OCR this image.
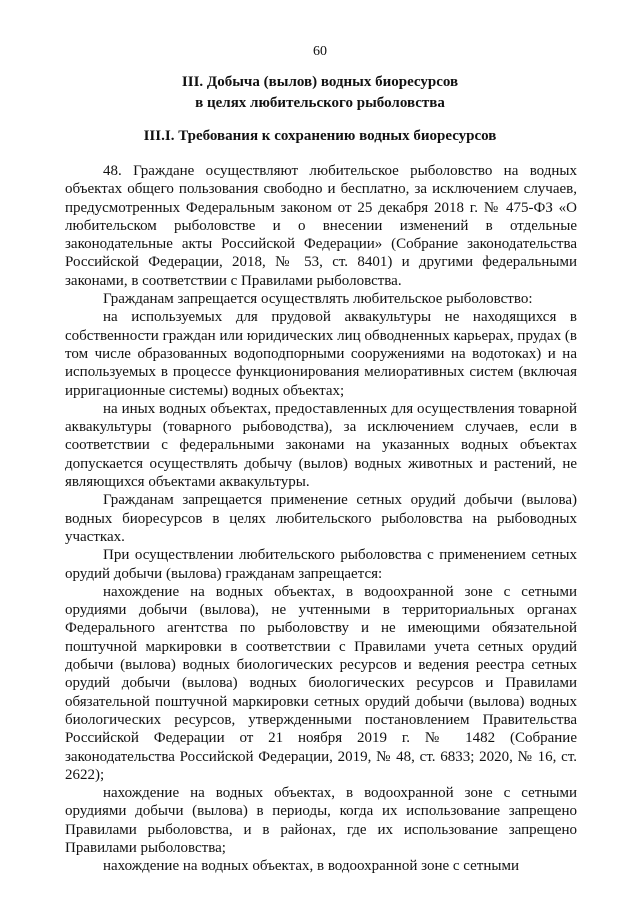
60
III. Добыча (вылов) водных биоресурсов
в целях любительского рыболовства
III.I. Требования к сохранению водных биоресурсов

48. Граждане осуществляют любительское рыболовство на водных объектах общего пользования свободно и бесплатно, за исключением случаев, предусмотренных Федеральным законом от 25 декабря 2018 г. № 475-ФЗ «О любительском рыболовстве и о внесении изменений в отдельные законодательные акты Российской Федерации» (Собрание законодательства Российской Федерации, 2018, № 53, ст. 8401) и другими федеральными законами, в соответствии с Правилами рыболовства.

Гражданам запрещается осуществлять любительское рыболовство:

на используемых для прудовой аквакультуры не находящихся в собственности граждан или юридических лиц обводненных карьерах, прудах (в том числе образованных водоподпорными сооружениями на водотоках) и на используемых в процессе функционирования мелиоративных систем (включая ирригационные системы) водных объектах;

на иных водных объектах, предоставленных для осуществления товарной аквакультуры (товарного рыбоводства), за исключением случаев, если в соответствии с федеральными законами на указанных водных объектах допускается осуществлять добычу (вылов) водных животных и растений, не являющихся объектами аквакультуры.

Гражданам запрещается применение сетных орудий добычи (вылова) водных биоресурсов в целях любительского рыболовства на рыбоводных участках.

При осуществлении любительского рыболовства с применением сетных орудий добычи (вылова) гражданам запрещается:

нахождение на водных объектах, в водоохранной зоне с сетными орудиями добычи (вылова), не учтенными в территориальных органах Федерального агентства по рыболовству и не имеющими обязательной поштучной маркировки в соответствии с Правилами учета сетных орудий добычи (вылова) водных биологических ресурсов и ведения реестра сетных орудий добычи (вылова) водных биологических ресурсов и Правилами обязательной поштучной маркировки сетных орудий добычи (вылова) водных биологических ресурсов, утвержденными постановлением Правительства Российской Федерации от 21 ноября 2019 г. № 1482 (Собрание законодательства Российской Федерации, 2019, № 48, ст. 6833; 2020, № 16, ст. 2622);

нахождение на водных объектах, в водоохранной зоне с сетными орудиями добычи (вылова) в периоды, когда их использование запрещено Правилами рыболовства, и в районах, где их использование запрещено Правилами рыболовства;

нахождение на водных объектах, в водоохранной зоне с сетными
